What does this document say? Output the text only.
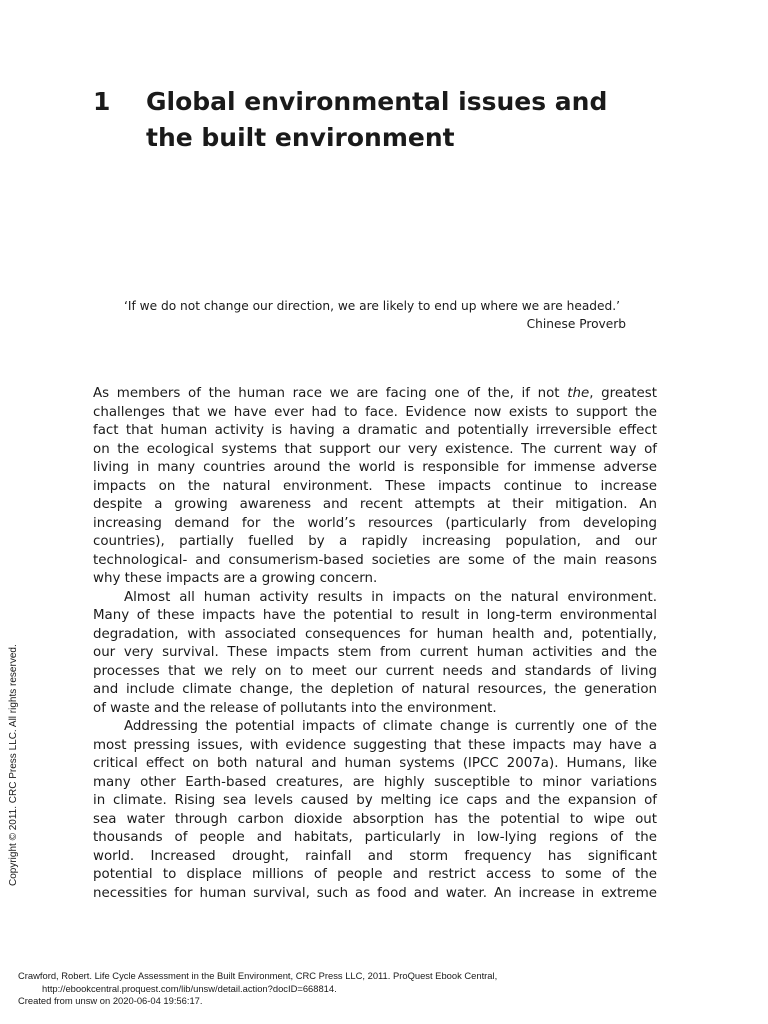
1 Global environmental issues and
the built environment

‘If we do not change our direction, we are likely to end up where we are headed.’

Chinese Proverb

As members of the human race we are facing one of the, if not the, greatest
challenges that we have ever had to face. Evidence now exists to support the
fact that human activity is having a dramatic and potentially irreversible effect
on the ecological systems that support our very existence. The current way of
living in many countries around the world is responsible for immense adverse
impacts on the natural environment. These impacts continue to increase
despite a growing awareness and recent attempts at their mitigation. An
increasing demand for the world’s resources (particularly from developing
countries), partially fuelled by a rapidly increasing population, and our
technological- and consumerism-based societies are some of the main reasons
why these impacts are a growing concern.
Almost all human activity results in impacts on the natural environment.
Many of these impacts have the potential to result in long-term environmental
degradation, with associated consequences for human health and, potentially,
our very survival. These impacts stem from current human activities and the
processes that we rely on to meet our current needs and standards of living
and include climate change, the depletion of natural resources, the generation
of waste and the release of pollutants into the environment.
Addressing the potential impacts of climate change is currently one of the
most pressing issues, with evidence suggesting that these impacts may have a
critical effect on both natural and human systems (IPCC 2007a). Humans, like
many other Earth-based creatures, are highly susceptible to minor variations
in climate. Rising sea levels caused by melting ice caps and the expansion of
sea water through carbon dioxide absorption has the potential to wipe out
thousands of people and habitats, particularly in low-lying regions of the
world. Increased drought, rainfall and storm frequency has significant
potential to displace millions of people and restrict access to some of the
necessities for human survival, such as food and water. An increase in extreme
Copyright © 2011. CRC Press LLC. All rights reserved.
Crawford, Robert. Life Cycle Assessment in the Built Environment, CRC Press LLC, 2011. ProQuest Ebook Central,
http://ebookcentral.proquest.com/lib/unsw/detail.action?docID=668814.
Created from unsw on 2020-06-04 19:56:17.
